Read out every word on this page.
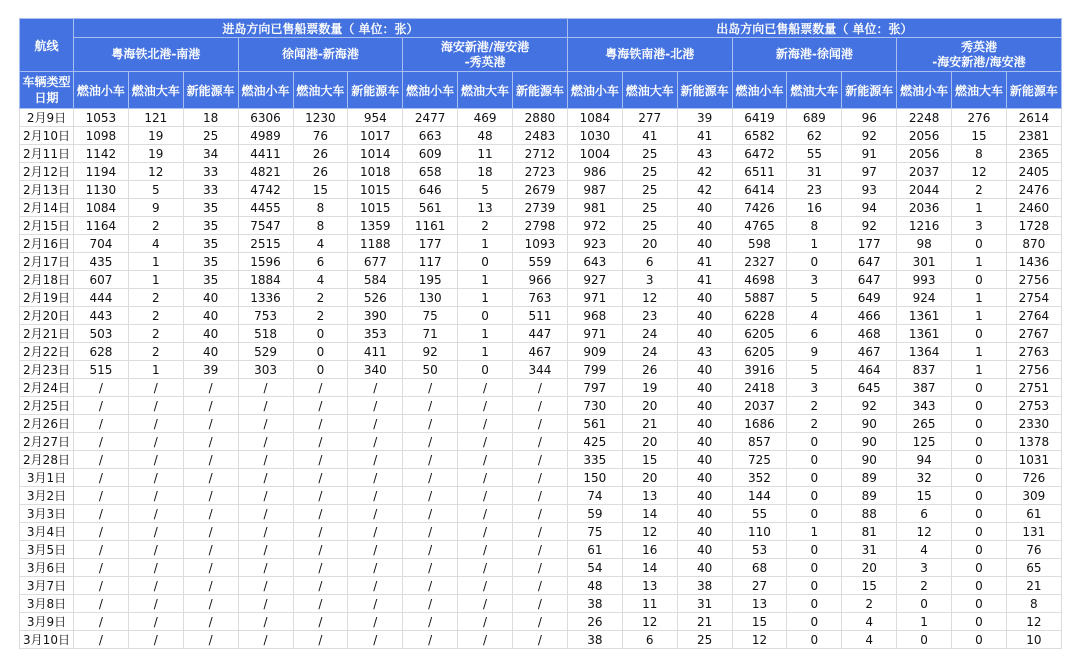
航线	进岛方向已售船票数量（ 单位：张）									出岛方向已售船票数量（ 单位：张）								
	粤海铁北港-南港			徐闻港-新海港			海安新港/海安港
-秀英港			粤海铁南港-北港			新海港-徐闻港			秀英港
-海安新港/海安港		

车辆类型
日期	燃油小车	燃油大车	新能源车	燃油小车	燃油大车	新能源车	燃油小车	燃油大车	新能源车	燃油小车	燃油大车	新能源车	燃油小车	燃油大车	新能源车	燃油小车	燃油大车	新能源车
2月9日	1053	121	18	6306	1230	954	2477	469	2880	1084	277	39	6419	689	96	2248	276	2614
2月10日	1098	19	25	4989	76	1017	663	48	2483	1030	41	41	6582	62	92	2056	15	2381
2月11日	1142	19	34	4411	26	1014	609	11	2712	1004	25	43	6472	55	91	2056	8	2365
2月12日	1194	12	33	4821	26	1018	658	18	2723	986	25	42	6511	31	97	2037	12	2405
2月13日	1130	5	33	4742	15	1015	646	5	2679	987	25	42	6414	23	93	2044	2	2476
2月14日	1084	9	35	4455	8	1015	561	13	2739	981	25	40	7426	16	94	2036	1	2460
2月15日	1164	2	35	7547	8	1359	1161	2	2798	972	25	40	4765	8	92	1216	3	1728
2月16日	704	4	35	2515	4	1188	177	1	1093	923	20	40	598	1	177	98	0	870
2月17日	435	1	35	1596	6	677	117	0	559	643	6	41	2327	0	647	301	1	1436
2月18日	607	1	35	1884	4	584	195	1	966	927	3	41	4698	3	647	993	0	2756
2月19日	444	2	40	1336	2	526	130	1	763	971	12	40	5887	5	649	924	1	2754
2月20日	443	2	40	753	2	390	75	0	511	968	23	40	6228	4	466	1361	1	2764
2月21日	503	2	40	518	0	353	71	1	447	971	24	40	6205	6	468	1361	0	2767
2月22日	628	2	40	529	0	411	92	1	467	909	24	43	6205	9	467	1364	1	2763
2月23日	515	1	39	303	0	340	50	0	344	799	26	40	3916	5	464	837	1	2756
2月24日	/	/	/	/	/	/	/	/	/	797	19	40	2418	3	645	387	0	2751
2月25日	/	/	/	/	/	/	/	/	/	730	20	40	2037	2	92	343	0	2753
2月26日	/	/	/	/	/	/	/	/	/	561	21	40	1686	2	90	265	0	2330
2月27日	/	/	/	/	/	/	/	/	/	425	20	40	857	0	90	125	0	1378
2月28日	/	/	/	/	/	/	/	/	/	335	15	40	725	0	90	94	0	1031
3月1日	/	/	/	/	/	/	/	/	/	150	20	40	352	0	89	32	0	726
3月2日	/	/	/	/	/	/	/	/	/	74	13	40	144	0	89	15	0	309
3月3日	/	/	/	/	/	/	/	/	/	59	14	40	55	0	88	6	0	61
3月4日	/	/	/	/	/	/	/	/	/	75	12	40	110	1	81	12	0	131
3月5日	/	/	/	/	/	/	/	/	/	61	16	40	53	0	31	4	0	76
3月6日	/	/	/	/	/	/	/	/	/	54	14	40	68	0	20	3	0	65
3月7日	/	/	/	/	/	/	/	/	/	48	13	38	27	0	15	2	0	21
3月8日	/	/	/	/	/	/	/	/	/	38	11	31	13	0	2	0	0	8
3月9日	/	/	/	/	/	/	/	/	/	26	12	21	15	0	4	1	0	12
3月10日	/	/	/	/	/	/	/	/	/	38	6	25	12	0	4	0	0	10
